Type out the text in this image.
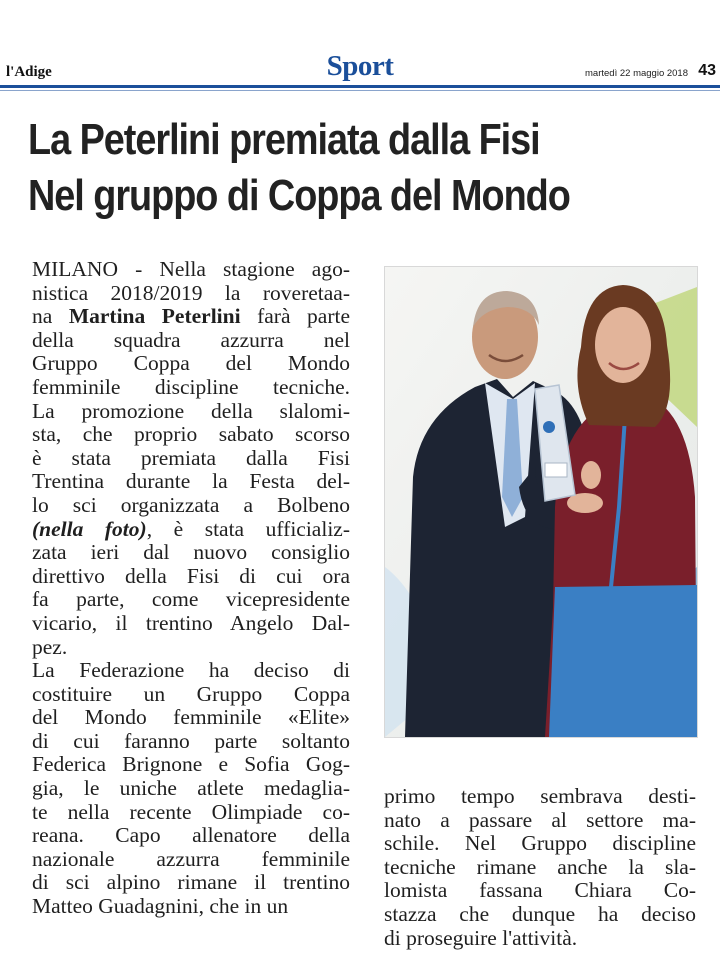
l'Adige	Sport	martedì 22 maggio 2018 43
La Peterlini premiata dalla Fisi
Nel gruppo di Coppa del Mondo
MILANO - Nella stagione ago-
nistica 2018/2019 la roveretaa-
na Martina Peterlini farà parte
della squadra azzurra nel
Gruppo Coppa del Mondo
femminile discipline tecniche.
La promozione della slalomi-
sta, che proprio sabato scorso
è stata premiata dalla Fisi
Trentina durante la Festa del-
lo sci organizzata a Bolbeno
(nella foto), è stata ufficializ-
zata ieri dal nuovo consiglio
direttivo della Fisi di cui ora
fa parte, come vicepresidente
vicario, il trentino Angelo Dal-
pez.
La Federazione ha deciso di
costituire un Gruppo Coppa
del Mondo femminile «Elite»
di cui faranno parte soltanto
Federica Brignone e Sofia Gog-
gia, le uniche atlete medaglia-
te nella recente Olimpiade co-
reana. Capo allenatore della
nazionale azzurra femminile
di sci alpino rimane il trentino
Matteo Guadagnini, che in un
primo tempo sembrava desti-
nato a passare al settore ma-
schile. Nel Gruppo discipline
tecniche rimane anche la sla-
lomista fassana Chiara Co-
stazza che dunque ha deciso
di proseguire l'attività.
